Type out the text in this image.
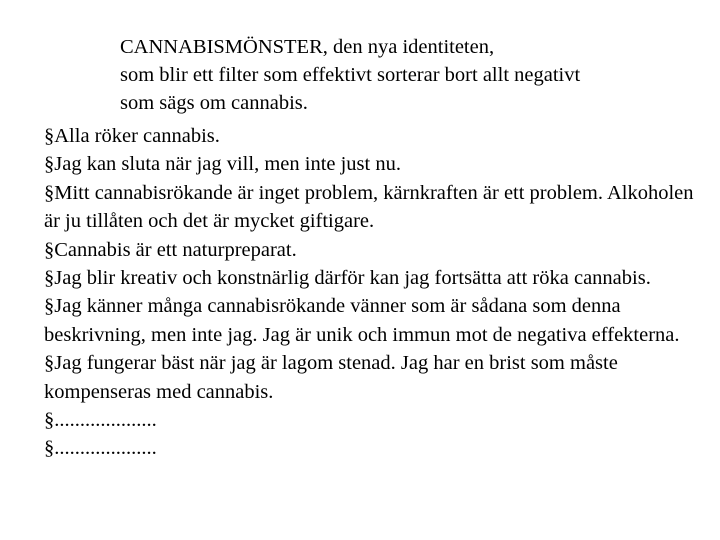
CANNABISMÖNSTER, den nya identiteten,
som blir ett filter som effektivt sorterar bort allt negativt
som sägs om cannabis.
§Alla röker cannabis.
§Jag kan sluta när jag vill, men inte just nu.
§Mitt cannabisrökande är inget problem, kärnkraften är ett problem. Alkoholen är ju tillåten och det är mycket giftigare.
§Cannabis är ett naturpreparat.
§Jag blir kreativ och konstnärlig därför kan jag fortsätta att röka cannabis.
§Jag känner många cannabisrökande vänner som är sådana som denna beskrivning, men inte jag. Jag är unik och immun mot de negativa effekterna.
§Jag fungerar bäst när jag är lagom stenad. Jag har en brist som måste kompenseras med cannabis.
§....................
§....................
